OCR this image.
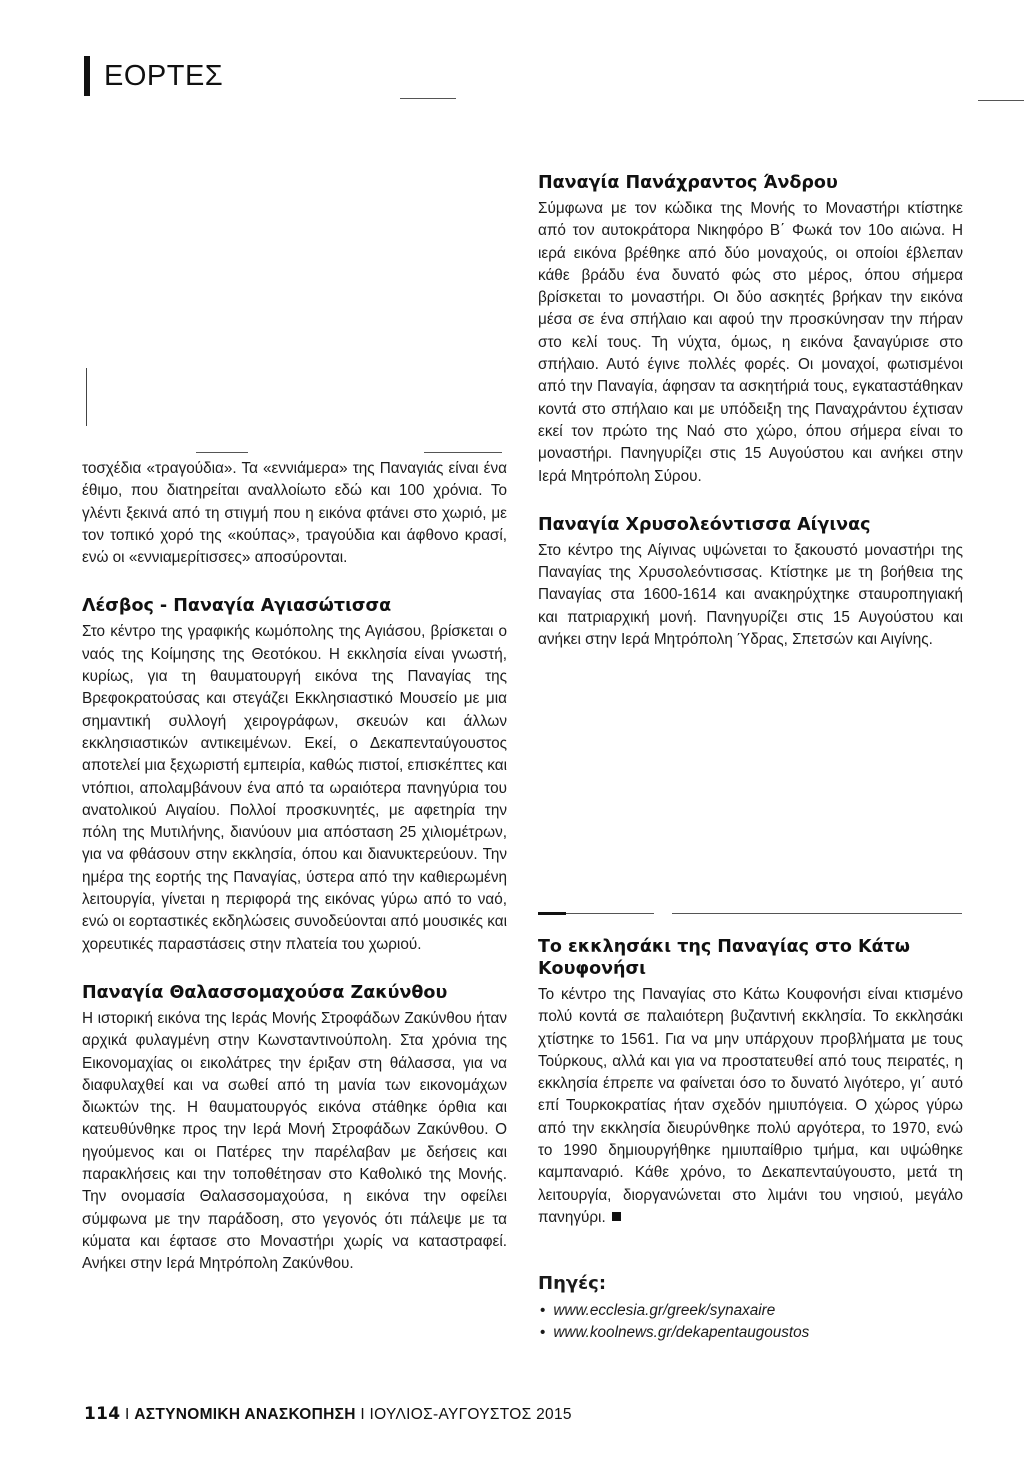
ΕΟΡΤΕΣ

τοσχέδια «τραγούδια». Τα «εννιάμερα» της Παναγιάς είναι ένα έθιμο, που διατηρείται αναλλοίωτο εδώ και 100 χρόνια. Το γλέντι ξεκινά από τη στιγμή που η εικόνα φτάνει στο χωριό, με τον τοπικό χορό της «κούπας», τραγούδια και άφθονο κρασί, ενώ οι «εννιαμερίτισσες» αποσύρονται.

Λέσβος - Παναγία Αγιασώτισσα

Στο κέντρο της γραφικής κωμόπολης της Αγιάσου, βρίσκεται ο ναός της Κοίμησης της Θεοτόκου. Η εκκλησία είναι γνωστή, κυρίως, για τη θαυματουργή εικόνα της Παναγίας της Βρεφοκρατούσας και στεγάζει Εκκλησιαστικό Μουσείο με μια σημαντική συλλογή χειρογράφων, σκευών και άλλων εκκλησιαστικών αντικειμένων. Εκεί, ο Δεκαπενταύγουστος αποτελεί μια ξεχωριστή εμπειρία, καθώς πιστοί, επισκέπτες και ντόπιοι, απολαμβάνουν ένα από τα ωραιότερα πανηγύρια του ανατολικού Αιγαίου. Πολλοί προσκυνητές, με αφετηρία την πόλη της Μυτιλήνης, διανύουν μια απόσταση 25 χιλιομέτρων, για να φθάσουν στην εκκλησία, όπου και διανυκτερεύουν. Την ημέρα της εορτής της Παναγίας, ύστερα από την καθιερωμένη λειτουργία, γίνεται η περιφορά της εικόνας γύρω από το ναό, ενώ οι εορταστικές εκδηλώσεις συνοδεύονται από μουσικές και χορευτικές παραστάσεις στην πλατεία του χωριού.

Παναγία Θαλασσομαχούσα Ζακύνθου

Η ιστορική εικόνα της Ιεράς Μονής Στροφάδων Ζακύνθου ήταν αρχικά φυλαγμένη στην Κωνσταντινούπολη. Στα χρόνια της Εικονομαχίας οι εικολάτρες την έριξαν στη θάλασσα, για να διαφυλαχθεί και να σωθεί από τη μανία των εικονομάχων διωκτών της. Η θαυματουργός εικόνα στάθηκε όρθια και κατευθύνθηκε προς την Ιερά Μονή Στροφάδων Ζακύνθου. Ο ηγούμενος και οι Πατέρες την παρέλαβαν με δεήσεις και παρακλήσεις και την τοποθέτησαν στο Καθολικό της Μονής. Την ονομασία Θαλασσομαχούσα, η εικόνα την οφείλει σύμφωνα με την παράδοση, στο γεγονός ότι πάλεψε με τα κύματα και έφτασε στο Μοναστήρι χωρίς να καταστραφεί. Ανήκει στην Ιερά Μητρόπολη Ζακύνθου.

Παναγία Πανάχραντος Άνδρου

Σύμφωνα με τον κώδικα της Μονής το Μοναστήρι κτίστηκε από τον αυτοκράτορα Νικηφόρο Β΄ Φωκά τον 10ο αιώνα. Η ιερά εικόνα βρέθηκε από δύο μοναχούς, οι οποίοι έβλεπαν κάθε βράδυ ένα δυνατό φώς στο μέρος, όπου σήμερα βρίσκεται το μοναστήρι. Οι δύο ασκητές βρήκαν την εικόνα μέσα σε ένα σπήλαιο και αφού την προσκύνησαν την πήραν στο κελί τους. Τη νύχτα, όμως, η εικόνα ξαναγύρισε στο σπήλαιο. Αυτό έγινε πολλές φορές. Οι μοναχοί, φωτισμένοι από την Παναγία, άφησαν τα ασκητήριά τους, εγκαταστάθηκαν κοντά στο σπήλαιο και με υπόδειξη της Παναχράντου έχτισαν εκεί τον πρώτο της Ναό στο χώρο, όπου σήμερα είναι το μοναστήρι. Πανηγυρίζει στις 15 Αυγούστου και ανήκει στην Ιερά Μητρόπολη Σύρου.

Παναγία Χρυσολεόντισσα Αίγινας

Στο κέντρο της Αίγινας υψώνεται το ξακουστό μοναστήρι της Παναγίας της Χρυσολεόντισσας. Κτίστηκε με τη βοήθεια της Παναγίας στα 1600-1614 και ανακηρύχτηκε σταυροπηγιακή και πατριαρχική μονή. Πανηγυρίζει στις 15 Αυγούστου και ανήκει στην Ιερά Μητρόπολη Ύδρας, Σπετσών και Αιγίνης.

Το εκκλησάκι της Παναγίας στο Κάτω Κουφονήσι

Το κέντρο της Παναγίας στο Κάτω Κουφονήσι είναι κτισμένο πολύ κοντά σε παλαιότερη βυζαντινή εκκλησία. Το εκκλησάκι χτίστηκε το 1561. Για να μην υπάρχουν προβλήματα με τους Τούρκους, αλλά και για να προστατευθεί από τους πειρατές, η εκκλησία έπρεπε να φαίνεται όσο το δυνατό λιγότερο, γι΄ αυτό επί Τουρκοκρατίας ήταν σχεδόν ημιυπόγεια. Ο χώρος γύρω από την εκκλησία διευρύνθηκε πολύ αργότερα, το 1970, ενώ το 1990 δημιουργήθηκε ημιυπαίθριο τμήμα, και υψώθηκε καμπαναριό. Κάθε χρόνο, το Δεκαπενταύγουστο, μετά τη λειτουργία, διοργανώνεται στο λιμάνι του νησιού, μεγάλο πανηγύρι.

Πηγές:

• www.ecclesia.gr/greek/synaxaire

• www.koolnews.gr/dekapentaugoustos

114 I ΑΣΤΥΝΟΜΙΚΗ ΑΝΑΣΚΟΠΗΣΗ I ΙΟΥΛΙΟΣ-ΑΥΓΟΥΣΤΟΣ 2015
